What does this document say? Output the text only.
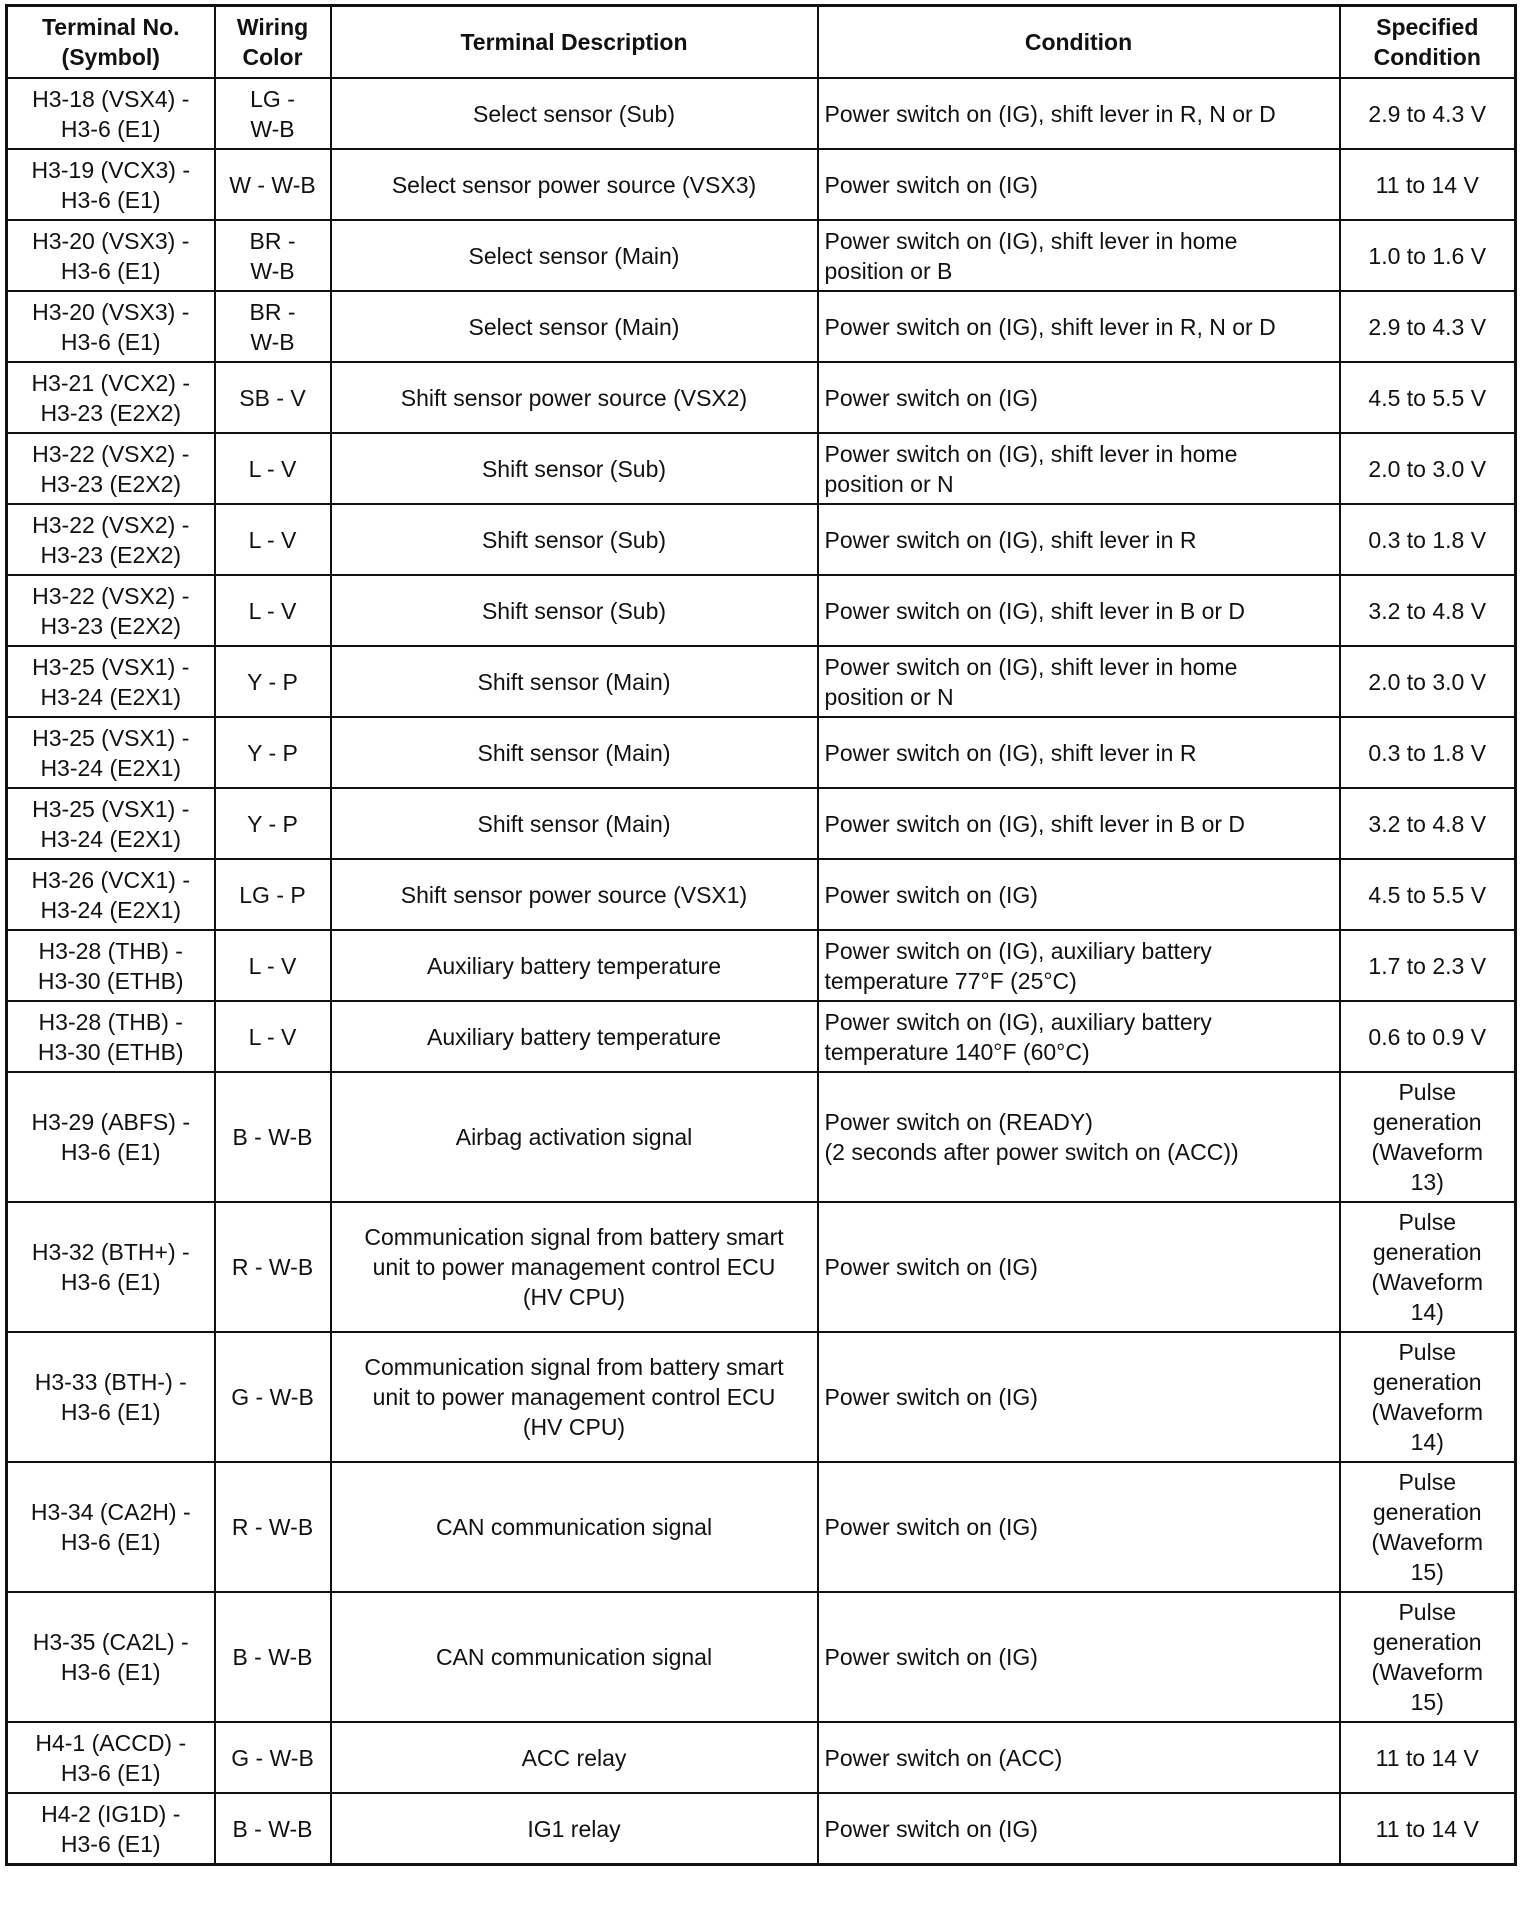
Terminal No.
(Symbol)	Wiring
Color	Terminal Description	Condition	Specified
Condition
H3-18 (VSX4) -
H3-6 (E1)	LG -
W-B	Select sensor (Sub)	Power switch on (IG), shift lever in R, N or D	2.9 to 4.3 V
H3-19 (VCX3) -
H3-6 (E1)	W - W-B	Select sensor power source (VSX3)	Power switch on (IG)	11 to 14 V
H3-20 (VSX3) -
H3-6 (E1)	BR -
W-B	Select sensor (Main)	Power switch on (IG), shift lever in home
position or B	1.0 to 1.6 V
H3-20 (VSX3) -
H3-6 (E1)	BR -
W-B	Select sensor (Main)	Power switch on (IG), shift lever in R, N or D	2.9 to 4.3 V
H3-21 (VCX2) -
H3-23 (E2X2)	SB - V	Shift sensor power source (VSX2)	Power switch on (IG)	4.5 to 5.5 V
H3-22 (VSX2) -
H3-23 (E2X2)	L - V	Shift sensor (Sub)	Power switch on (IG), shift lever in home
position or N	2.0 to 3.0 V
H3-22 (VSX2) -
H3-23 (E2X2)	L - V	Shift sensor (Sub)	Power switch on (IG), shift lever in R	0.3 to 1.8 V
H3-22 (VSX2) -
H3-23 (E2X2)	L - V	Shift sensor (Sub)	Power switch on (IG), shift lever in B or D	3.2 to 4.8 V
H3-25 (VSX1) -
H3-24 (E2X1)	Y - P	Shift sensor (Main)	Power switch on (IG), shift lever in home
position or N	2.0 to 3.0 V
H3-25 (VSX1) -
H3-24 (E2X1)	Y - P	Shift sensor (Main)	Power switch on (IG), shift lever in R	0.3 to 1.8 V
H3-25 (VSX1) -
H3-24 (E2X1)	Y - P	Shift sensor (Main)	Power switch on (IG), shift lever in B or D	3.2 to 4.8 V
H3-26 (VCX1) -
H3-24 (E2X1)	LG - P	Shift sensor power source (VSX1)	Power switch on (IG)	4.5 to 5.5 V
H3-28 (THB) -
H3-30 (ETHB)	L - V	Auxiliary battery temperature	Power switch on (IG), auxiliary battery
temperature 77°F (25°C)	1.7 to 2.3 V
H3-28 (THB) -
H3-30 (ETHB)	L - V	Auxiliary battery temperature	Power switch on (IG), auxiliary battery
temperature 140°F (60°C)	0.6 to 0.9 V
H3-29 (ABFS) -
H3-6 (E1)	B - W-B	Airbag activation signal	Power switch on (READY)
(2 seconds after power switch on (ACC))	Pulse
generation
(Waveform
13)
H3-32 (BTH+) -
H3-6 (E1)	R - W-B	Communication signal from battery smart
unit to power management control ECU
(HV CPU)	Power switch on (IG)	Pulse
generation
(Waveform
14)
H3-33 (BTH-) -
H3-6 (E1)	G - W-B	Communication signal from battery smart
unit to power management control ECU
(HV CPU)	Power switch on (IG)	Pulse
generation
(Waveform
14)
H3-34 (CA2H) -
H3-6 (E1)	R - W-B	CAN communication signal	Power switch on (IG)	Pulse
generation
(Waveform
15)
H3-35 (CA2L) -
H3-6 (E1)	B - W-B	CAN communication signal	Power switch on (IG)	Pulse
generation
(Waveform
15)
H4-1 (ACCD) -
H3-6 (E1)	G - W-B	ACC relay	Power switch on (ACC)	11 to 14 V
H4-2 (IG1D) -
H3-6 (E1)	B - W-B	IG1 relay	Power switch on (IG)	11 to 14 V
